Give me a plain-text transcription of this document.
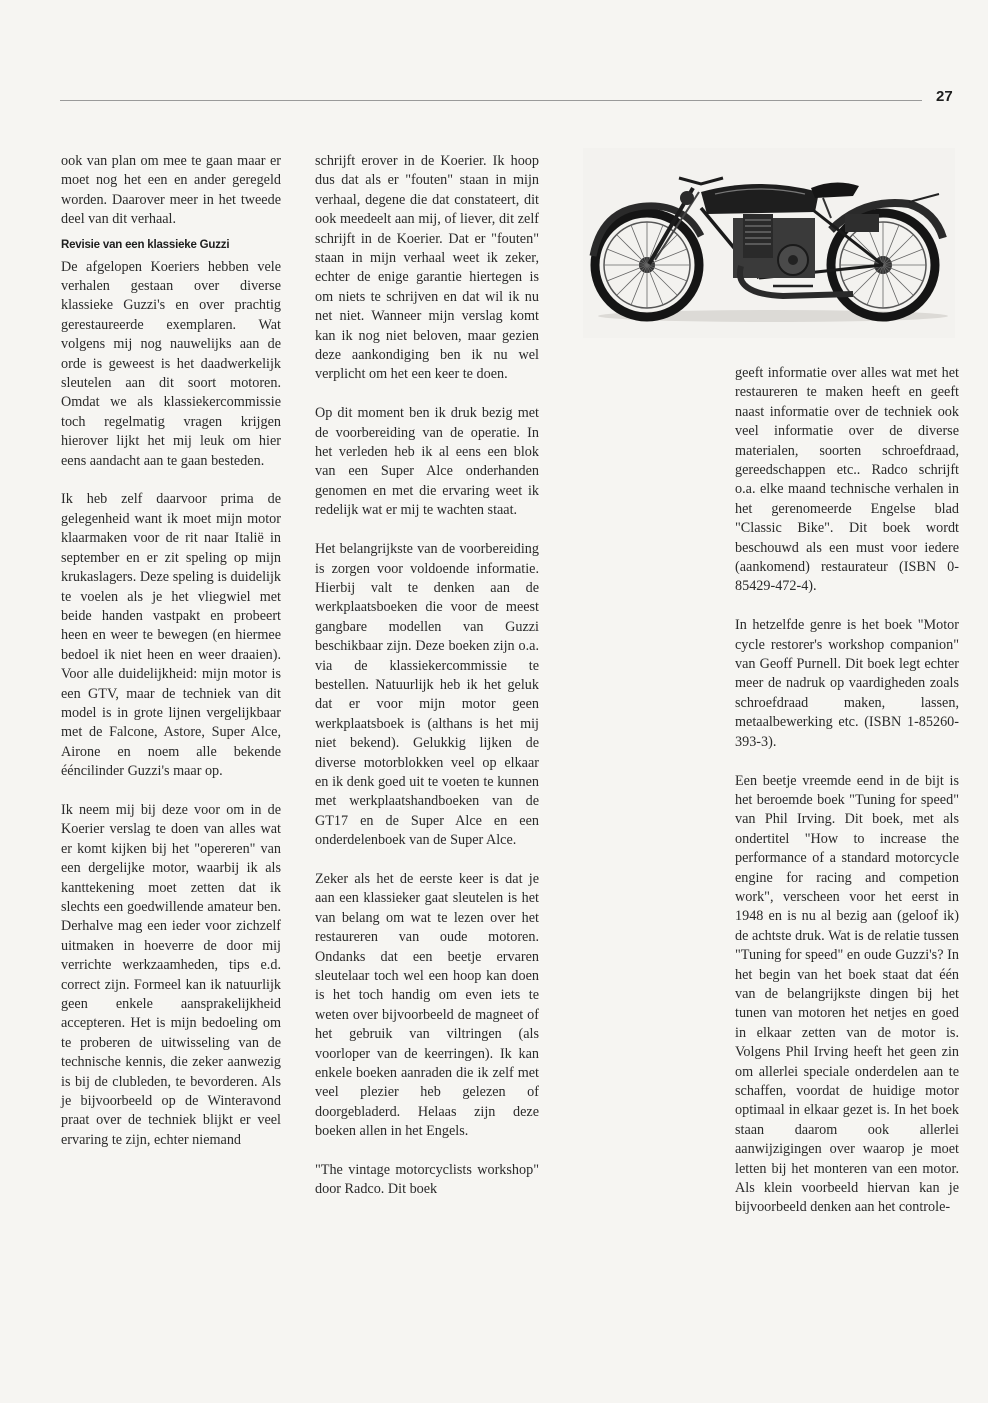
27

ook van plan om mee te gaan maar er moet nog het een en ander geregeld worden. Daarover meer in het tweede deel van dit verhaal.

Revisie van een klassieke Guzzi

De afgelopen Koeriers hebben vele verhalen gestaan over diverse klassieke Guzzi's en over prachtig gerestaureerde exemplaren. Wat volgens mij nog nauwelijks aan de orde is geweest is het daadwerkelijk sleutelen aan dit soort motoren. Omdat we als klassiekercommissie toch regelmatig vragen krijgen hierover lijkt het mij leuk om hier eens aandacht aan te gaan besteden.

Ik heb zelf daarvoor prima de gelegenheid want ik moet mijn motor klaarmaken voor de rit naar Italië in september en er zit speling op mijn krukaslagers. Deze speling is duidelijk te voelen als je het vliegwiel met beide handen vastpakt en probeert heen en weer te bewegen (en hiermee bedoel ik niet heen en weer draaien). Voor alle duidelijkheid: mijn motor is een GTV, maar de techniek van dit model is in grote lijnen vergelijkbaar met de Falcone, Astore, Super Alce, Airone en noem alle bekende ééncilinder Guzzi's maar op.

Ik neem mij bij deze voor om in de Koerier verslag te doen van alles wat er komt kijken bij het "opereren" van een dergelijke motor, waarbij ik als kanttekening moet zetten dat ik slechts een goedwillende amateur ben. Derhalve mag een ieder voor zichzelf uitmaken in hoeverre de door mij verrichte werkzaamheden, tips e.d. correct zijn. Formeel kan ik natuurlijk geen enkele aansprakelijkheid accepteren. Het is mijn bedoeling om te proberen de uitwisseling van de technische kennis, die zeker aanwezig is bij de clubleden, te bevorderen. Als je bijvoorbeeld op de Winteravond praat over de techniek blijkt er veel ervaring te zijn, echter niemand

schrijft erover in de Koerier. Ik hoop dus dat als er "fouten" staan in mijn verhaal, degene die dat constateert, dit ook meedeelt aan mij, of liever, dit zelf schrijft in de Koerier. Dat er "fouten" staan in mijn verhaal weet ik zeker, echter de enige garantie hiertegen is om niets te schrijven en dat wil ik nu net niet. Wanneer mijn verslag komt kan ik nog niet beloven, maar gezien deze aankondiging ben ik nu wel verplicht om het een keer te doen.

Op dit moment ben ik druk bezig met de voorbereiding van de operatie. In het verleden heb ik al eens een blok van een Super Alce onderhanden genomen en met die ervaring weet ik redelijk wat er mij te wachten staat.

Het belangrijkste van de voorbereiding is zorgen voor voldoende informatie. Hierbij valt te denken aan de werkplaatsboeken die voor de meest gangbare modellen van Guzzi beschikbaar zijn. Deze boeken zijn o.a. via de klassiekercommissie te bestellen. Natuurlijk heb ik het geluk dat er voor mijn motor geen werkplaatsboek is (althans is het mij niet bekend). Gelukkig lijken de diverse motorblokken veel op elkaar en ik denk goed uit te voeten te kunnen met werkplaatshandboeken van de GT17 en de Super Alce en een onderdelenboek van de Super Alce.

Zeker als het de eerste keer is dat je aan een klassieker gaat sleutelen is het van belang om wat te lezen over het restaureren van oude motoren. Ondanks dat een beetje ervaren sleutelaar toch wel een hoop kan doen is het toch handig om even iets te weten over bijvoorbeeld de magneet of het gebruik van viltringen (als voorloper van de keerringen). Ik kan enkele boeken aanraden die ik zelf met veel plezier heb gelezen of doorgebladerd. Helaas zijn deze boeken allen in het Engels.

"The vintage motorcyclists workshop" door Radco. Dit boek

geeft informatie over alles wat met het restaureren te maken heeft en geeft naast informatie over de techniek ook veel informatie over de diverse materialen, soorten schroefdraad, gereedschappen etc.. Radco schrijft o.a. elke maand technische verhalen in het gerenomeerde Engelse blad "Classic Bike". Dit boek wordt beschouwd als een must voor iedere (aankomend) restaurateur (ISBN 0-85429-472-4).

In hetzelfde genre is het boek "Motor cycle restorer's workshop companion" van Geoff Purnell. Dit boek legt echter meer de nadruk op vaardigheden zoals schroefdraad maken, lassen, metaalbewerking etc. (ISBN 1-85260-393-3).

Een beetje vreemde eend in de bijt is het beroemde boek "Tuning for speed" van Phil Irving. Dit boek, met als ondertitel "How to increase the performance of a standard motorcycle engine for racing and competion work", verscheen voor het eerst in 1948 en is nu al bezig aan (geloof ik) de achtste druk. Wat is de relatie tussen "Tuning for speed" en oude Guzzi's? In het begin van het boek staat dat één van de belangrijkste dingen bij het tunen van motoren het netjes en goed in elkaar zetten van de motor is. Volgens Phil Irving heeft het geen zin om allerlei speciale onderdelen aan te schaffen, voordat de huidige motor optimaal in elkaar gezet is. In het boek staan daarom ook allerlei aanwijzigingen over waarop je moet letten bij het monteren van een motor. Als klein voorbeeld hiervan kan je bijvoorbeeld denken aan het controle-
